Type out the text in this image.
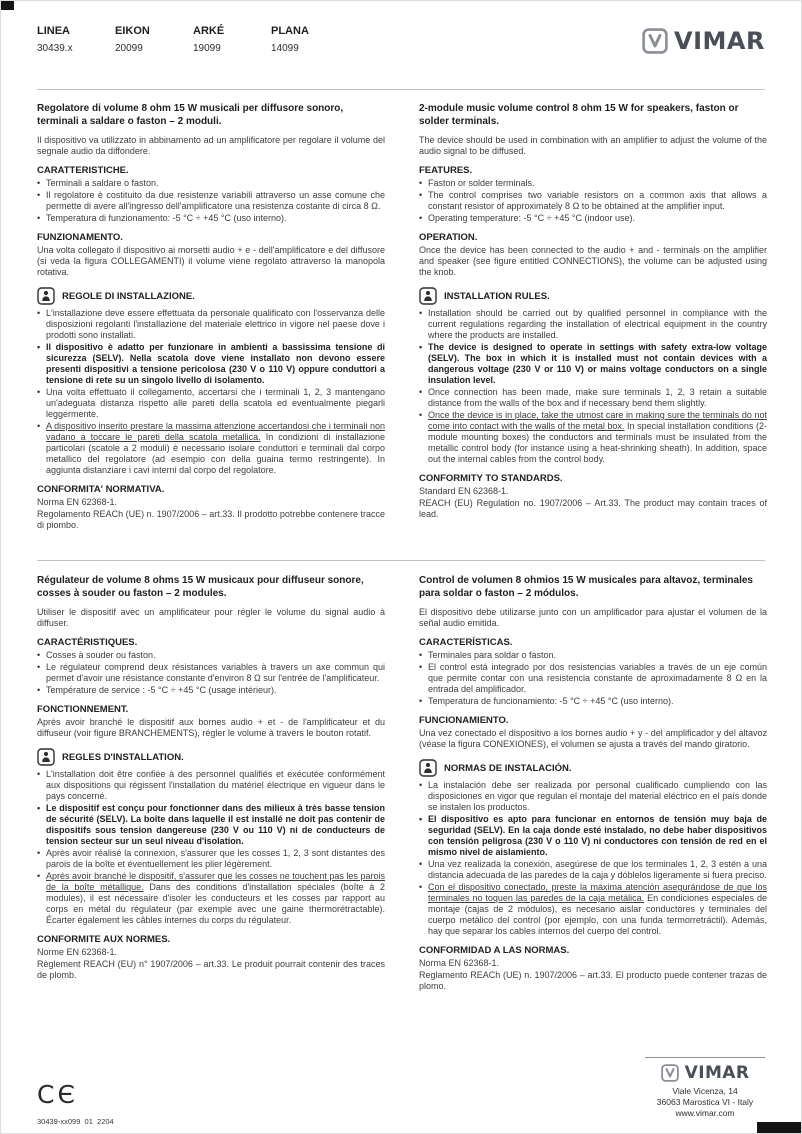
LINEA
30439.x
EIKON
20099
ARKÉ
19099
PLANA
14099	VIMAR
Regolatore di volume 8 ohm 15 W musicali per diffusore sonoro, terminali a saldare o faston – 2 moduli.

Il dispositivo va utilizzato in abbinamento ad un amplificatore per regolare il volume del segnale audio da diffondere.

CARATTERISTICHE.
• Terminali a saldare o faston.
• Il regolatore è costituito da due resistenze variabili attraverso un asse comune che permette di avere all'ingresso dell'amplificatore una resistenza costante di circa 8 Ω.
• Temperatura di funzionamento: -5 °C ÷ +45 °C (uso interno).
FUNZIONAMENTO.

Una volta collegato il dispositivo ai morsetti audio + e - dell'amplificatore e del diffusore (si veda la figura COLLEGAMENTI) il volume viene regolato attraverso la manopola rotativa.

REGOLE DI INSTALLAZIONE.
• L'installazione deve essere effettuata da personale qualificato con l'osservanza delle disposizioni regolanti l'installazione del materiale elettrico in vigore nel paese dove i prodotti sono installati.
• Il dispositivo è adatto per funzionare in ambienti a bassissima tensione di sicurezza (SELV). Nella scatola dove viene installato non devono essere presenti dispositivi a tensione pericolosa (230 V o 110 V) oppure conduttori a tensione di rete su un singolo livello di isolamento.
• Una volta effettuato il collegamento, accertarsi che i terminali 1, 2, 3 mantengano un'adeguata distanza rispetto alle pareti della scatola ed eventualmente piegarli leggermente.
• A dispositivo inserito prestare la massima attenzione accertandosi che i terminali non vadano a toccare le pareti della scatola metallica. In condizioni di installazione particolari (scatole a 2 moduli) è necessario isolare conduttori e terminali dal corpo metallico del regolatore (ad esempio con della guaina termo restringente). In aggiunta distanziare i cavi interni dal corpo del regolatore.
CONFORMITA' NORMATIVA.

Norma EN 62368-1.

Regolamento REACh (UE) n. 1907/2006 – art.33. Il prodotto potrebbe contenere tracce di piombo.

2-module music volume control 8 ohm 15 W for speakers, faston or solder terminals.

The device should be used in combination with an amplifier to adjust the volume of the audio signal to be diffused.

FEATURES.
• Faston or solder terminals.
• The control comprises two variable resistors on a common axis that allows a constant resistor of approximately 8 Ω to be obtained at the amplifier input.
• Operating temperature: -5 °C ÷ +45 °C (indoor use).
OPERATION.

Once the device has been connected to the audio + and - terminals on the amplifier and speaker (see figure entitled CONNECTIONS), the volume can be adjusted using the knob.

INSTALLATION RULES.
• Installation should be carried out by qualified personnel in compliance with the current regulations regarding the installation of electrical equipment in the country where the products are installed.
• The device is designed to operate in settings with safety extra-low voltage (SELV). The box in which it is installed must not contain devices with a dangerous voltage (230 V or 110 V) or mains voltage conductors on a single insulation level.
• Once connection has been made, make sure terminals 1, 2, 3 retain a suitable distance from the walls of the box and if necessary bend them slightly.
• Once the device is in place, take the utmost care in making sure the terminals do not come into contact with the walls of the metal box. In special installation conditions (2-module mounting boxes) the conductors and terminals must be insulated from the metallic control body (for instance using a heat-shrinking sheath). In addition, space out the internal cables from the control body.
CONFORMITY TO STANDARDS.

Standard EN 62368-1.

REACH (EU) Regulation no. 1907/2006 – Art.33. The product may contain traces of lead.

Régulateur de volume 8 ohms 15 W musicaux pour diffuseur sonore, cosses à souder ou faston – 2 modules.

Utiliser le dispositif avec un amplificateur pour régler le volume du signal audio à diffuser.

CARACTÉRISTIQUES.
• Cosses à souder ou faston.
• Le régulateur comprend deux résistances variables à travers un axe commun qui permet d'avoir une résistance constante d'environ 8 Ω sur l'entrée de l'amplificateur.
• Température de service : -5 °C ÷ +45 °C (usage intérieur).
FONCTIONNEMENT.

Après avoir branché le dispositif aux bornes audio + et - de l'amplificateur et du diffuseur (voir figure BRANCHEMENTS), régler le volume à travers le bouton rotatif.

REGLES D'INSTALLATION.
• L'installation doit être confiée à des personnel qualifiés et exécutée conformément aux dispositions qui régissent l'installation du matériel électrique en vigueur dans le pays concerné.
• Le dispositif est conçu pour fonctionner dans des milieux à très basse tension de sécurité (SELV). La boîte dans laquelle il est installé ne doit pas contenir de dispositifs sous tension dangereuse (230 V ou 110 V) ni de conducteurs de tension secteur sur un seul niveau d'isolation.
• Après avoir réalisé la connexion, s'assurer que les cosses 1, 2, 3 sont distantes des parois de la boîte et éventuellement les plier légèrement.
• Après avoir branché le dispositif, s'assurer que les cosses ne touchent pas les parois de la boîte métallique. Dans des conditions d'installation spéciales (boîte à 2 modules), il est nécessaire d'isoler les conducteurs et les cosses par rapport au corps en métal du régulateur (par exemple avec une gaine thermorétractable). Écarter également les câbles internes du corps du régulateur.
CONFORMITE AUX NORMES.

Norme EN 62368-1.

Règlement REACH (EU) n° 1907/2006 – art.33. Le produit pourrait contenir des traces de plomb.

Control de volumen 8 ohmios 15 W musicales para altavoz, terminales para soldar o faston – 2 módulos.

El dispositivo debe utilizarse junto con un amplificador para ajustar el volumen de la señal audio emitida.

CARACTERÍSTICAS.
• Terminales para soldar o faston.
• El control está integrado por dos resistencias variables a través de un eje común que permite contar con una resistencia constante de aproximadamente 8 Ω en la entrada del amplificador.
• Temperatura de funcionamiento: -5 °C ÷ +45 °C (uso interno).
FUNCIONAMIENTO.

Una vez conectado el dispositivo a los bornes audio + y - del amplificador y del altavoz (véase la figura CONEXIONES), el volumen se ajusta a través del mando giratorio.

NORMAS DE INSTALACIÓN.
• La instalación debe ser realizada por personal cualificado cumpliendo con las disposiciones en vigor que regulan el montaje del material eléctrico en el país donde se instalen los productos.
• El dispositivo es apto para funcionar en entornos de tensión muy baja de seguridad (SELV). En la caja donde esté instalado, no debe haber dispositivos con tensión peligrosa (230 V o 110 V) ni conductores con tensión de red en el mismo nivel de aislamiento.
• Una vez realizada la conexión, asegúrese de que los terminales 1, 2, 3 estén a una distancia adecuada de las paredes de la caja y dóblelos ligeramente si fuera preciso.
• Con el dispositivo conectado, preste la máxima atención asegurándose de que los terminales no toquen las paredes de la caja metálica. En condiciones especiales de montaje (cajas de 2 módulos), es necesario aislar conductores y terminales del cuerpo metálico del control (por ejemplo, con una funda termorretráctil). Además, hay que separar los cables internos del cuerpo del control.
CONFORMIDAD A LAS NORMAS.

Norma EN 62368-1.

Reglamento REACh (UE) n. 1907/2006 – art.33. El producto puede contener trazas de plomo.

CЄ
30439-xx099  01  2204
VIMAR
Viale Vicenza, 14
36063 Marostica VI - Italy
www.vimar.com
